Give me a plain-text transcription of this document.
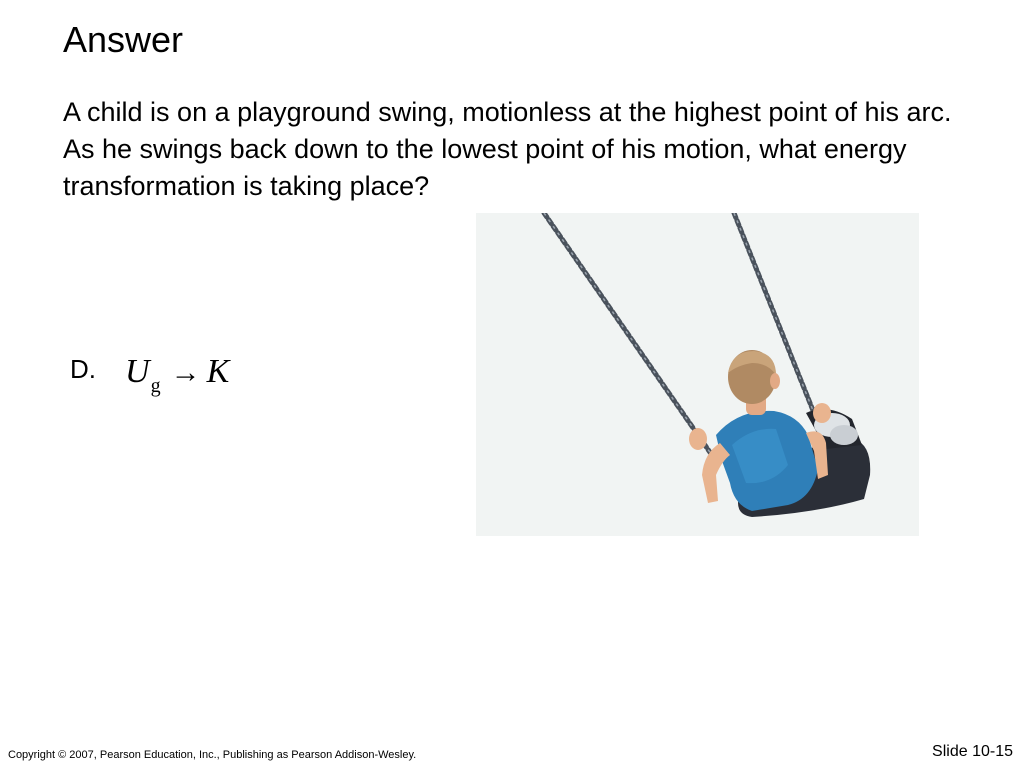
Answer

A child is on a playground swing, motionless at the highest point of his arc. As he swings back down to the lowest point of his motion, what energy transformation is taking place?

D. $U_g \to K$
Copyright © 2007, Pearson Education, Inc., Publishing as Pearson Addison-Wesley.	Slide 10-15
